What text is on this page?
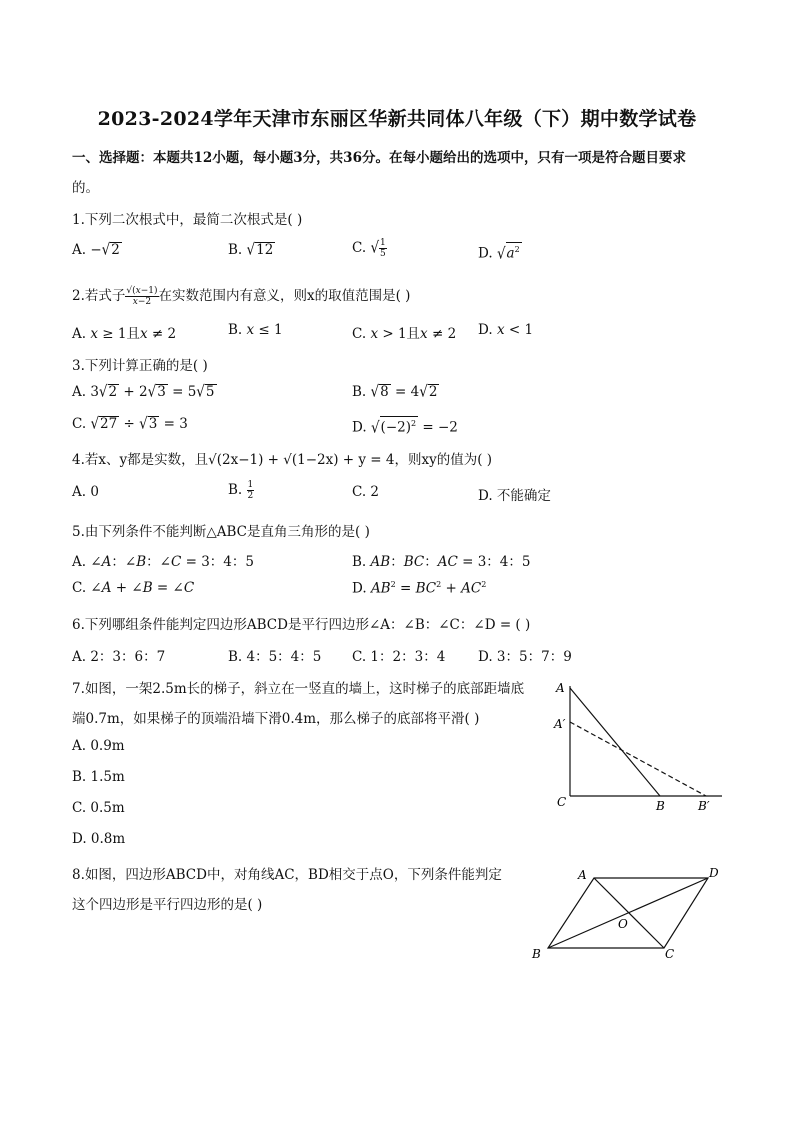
2023-2024学年天津市东丽区华新共同体八年级（下）期中数学试卷
一、选择题：本题共12小题，每小题3分，共36分。在每小题给出的选项中，只有一项是符合题目要求
的。
1.下列二次根式中，最简二次根式是( )
A. −√2	B. √12	C. √ $\frac{1}{5}$	D. $√a^2$
2.若式子 $\frac{√(x-1)}{x-2}$ 在实数范围内有意义，则x的取值范围是( )
A. x ≥ 1且x ≠ 2	B. x ≤ 1	C. x > 1且x ≠ 2 D. x < 1
3.下列计算正确的是( )
A. 3√2 + 2√3 = 5√5	B. √8 = 4√2
C. √27 ÷ √3 = 3	D. $√(-2)^2 = -2$
4.若x、y都是实数，且√(2x−1) + √(1−2x) + y = 4，则xy的值为( )
A. 0	B. $\frac{1}{2}$	C. 2	D. 不能确定
5.由下列条件不能判断△ABC是直角三角形的是( )
A. ∠A：∠B：∠C = 3：4：5	B. AB：BC：AC = 3：4：5
C. ∠A + ∠B = ∠C	D. $AB^2 = BC^2 + AC^2$
6.下列哪组条件能判定四边形ABCD是平行四边形∠A：∠B：∠C：∠D = ( )
A. 2：3：6：7	B. 4：5：4：5 C. 1：2：3：4 D. 3：5：7：9
7.如图，一架2.5m长的梯子，斜立在一竖直的墙上，这时梯子的底部距墙底
端0.7m，如果梯子的顶端沿墙下滑0.4m，那么梯子的底部将平滑( )
A. 0.9m
B. 1.5m
C. 0.5m
D. 0.8m
A
A′
C	B	B′
8.如图，四边形ABCD中，对角线AC，BD相交于点O，下列条件能判定
这个四边形是平行四边形的是( )
A	D
O
B	C
